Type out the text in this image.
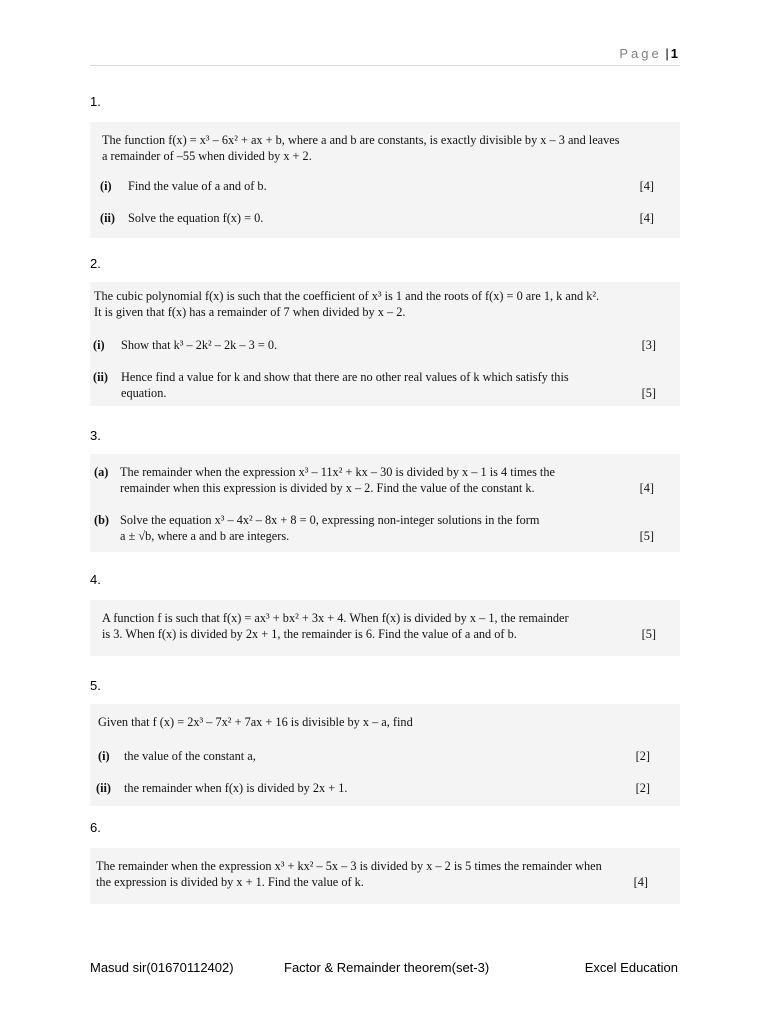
Page | 1
1.
The function f(x) = x³ – 6x² + ax + b, where a and b are constants, is exactly divisible by x – 3 and leaves
a remainder of –55 when divided by x + 2.
(i) Find the value of a and of b.	[4]
(ii) Solve the equation f(x) = 0.	[4]
2.
The cubic polynomial f(x) is such that the coefficient of x³ is 1 and the roots of f(x) = 0 are 1, k and k².
It is given that f(x) has a remainder of 7 when divided by x – 2.
(i) Show that k³ – 2k² – 2k – 3 = 0.	[3]
(ii) Hence find a value for k and show that there are no other real values of k which satisfy this
equation.	[5]
3.
(a) The remainder when the expression x³ – 11x² + kx – 30 is divided by x – 1 is 4 times the
remainder when this expression is divided by x – 2. Find the value of the constant k.	[4]
(b) Solve the equation x³ – 4x² – 8x + 8 = 0, expressing non-integer solutions in the form
a ± √b, where a and b are integers.	[5]
4.
A function f is such that f(x) = ax³ + bx² + 3x + 4. When f(x) is divided by x – 1, the remainder
is 3. When f(x) is divided by 2x + 1, the remainder is 6. Find the value of a and of b.	[5]
5.
Given that f (x) = 2x³ – 7x² + 7ax + 16 is divisible by x – a, find
(i) the value of the constant a,	[2]
(ii) the remainder when f(x) is divided by 2x + 1.	[2]
6.
The remainder when the expression x³ + kx² – 5x – 3 is divided by x – 2 is 5 times the remainder when
the expression is divided by x + 1. Find the value of k.	[4]
Masud sir(01670112402)	Factor & Remainder theorem(set-3)	Excel Education
